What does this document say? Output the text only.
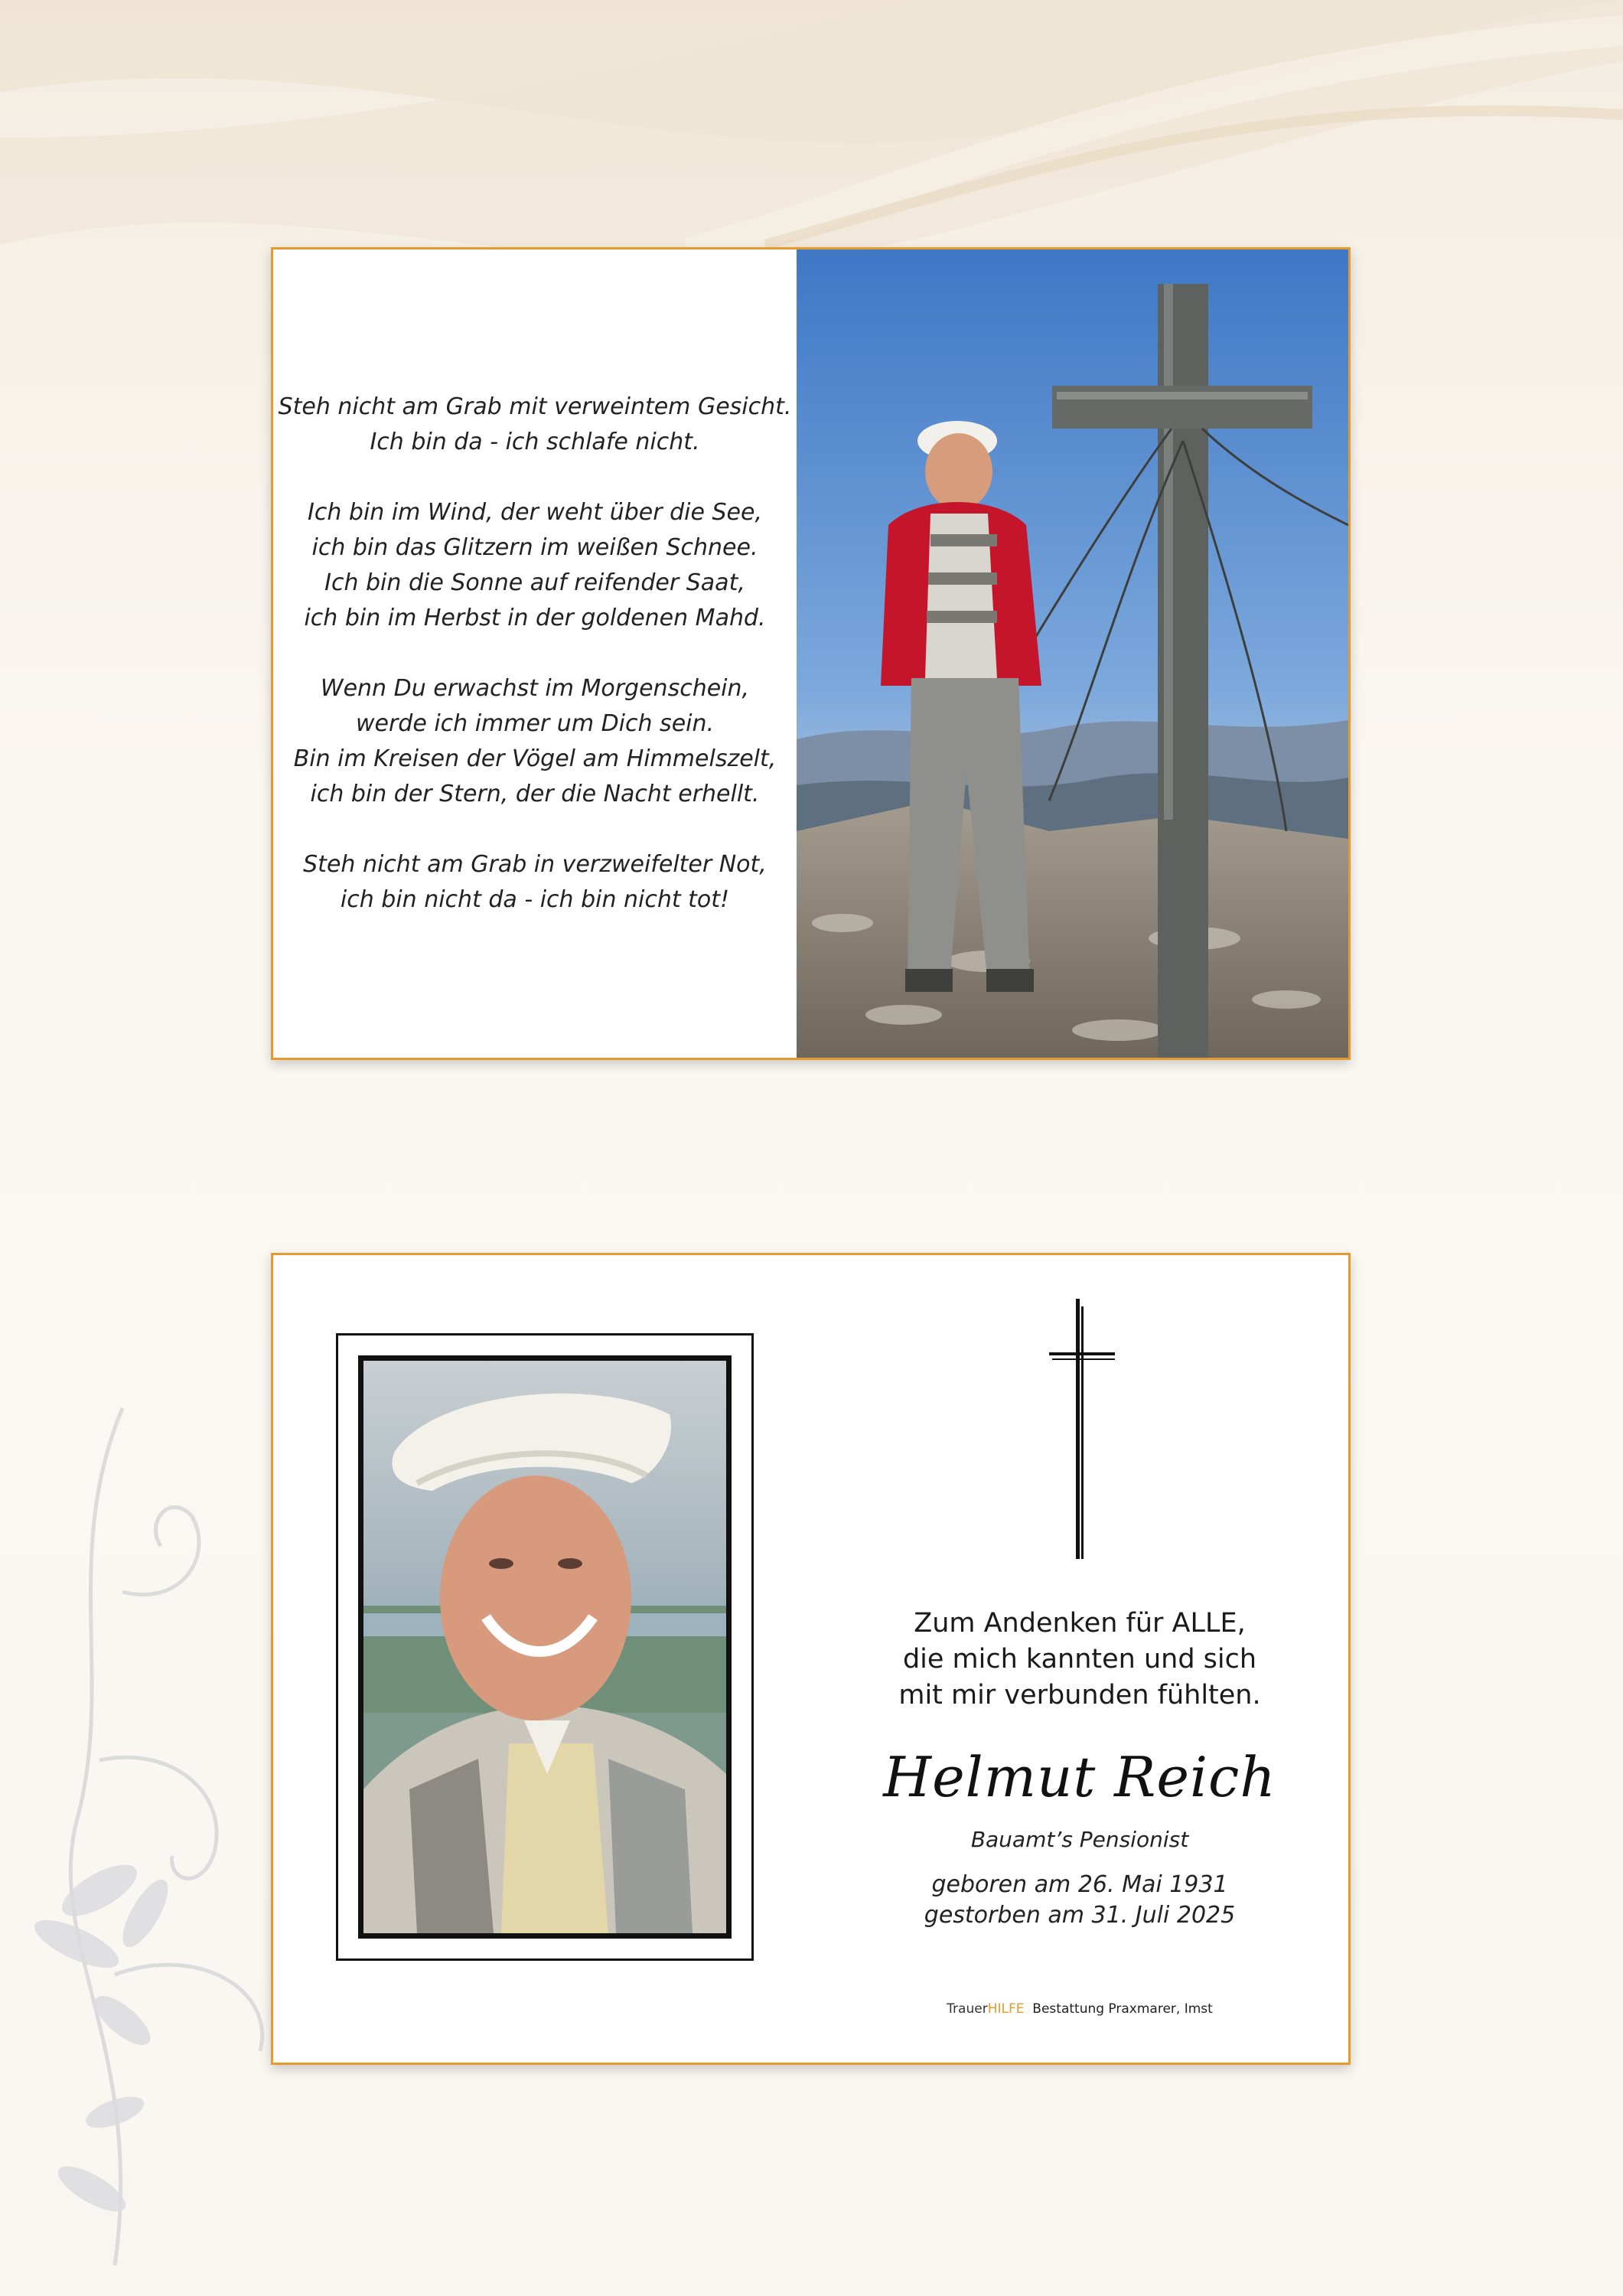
Steh nicht am Grab mit verweintem Gesicht.
Ich bin da - ich schlafe nicht.
Ich bin im Wind, der weht über die See,
ich bin das Glitzern im weißen Schnee.
Ich bin die Sonne auf reifender Saat,
ich bin im Herbst in der goldenen Mahd.
Wenn Du erwachst im Morgenschein,
werde ich immer um Dich sein.
Bin im Kreisen der Vögel am Himmelszelt,
ich bin der Stern, der die Nacht erhellt.
Steh nicht am Grab in verzweifelter Not,
ich bin nicht da - ich bin nicht tot!
Zum Andenken für ALLE,
die mich kannten und sich
mit mir verbunden fühlten.
Helmut Reich
Bauamt’s Pensionist
geboren am 26. Mai 1931
gestorben am 31. Juli 2025
TrauerHILFE Bestattung Praxmarer, Imst
